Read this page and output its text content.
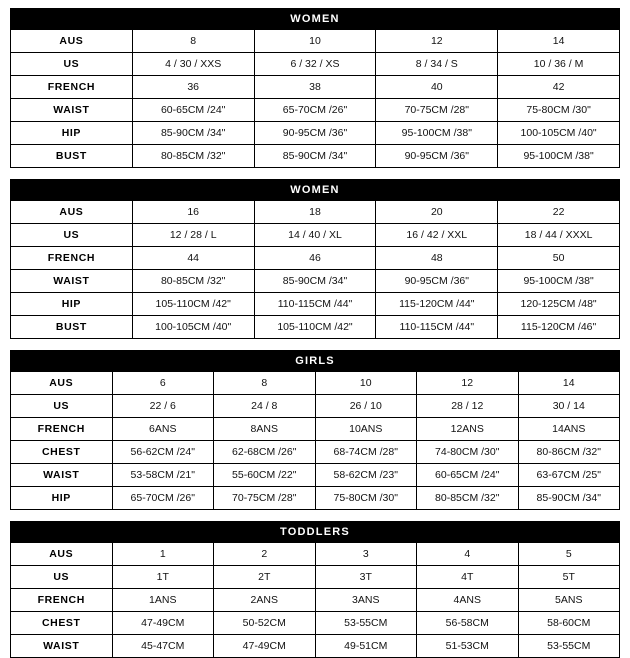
WOMEN				
AUS	8	10	12	14
US	4 / 30 / XXS	6 / 32 / XS	8 / 34 / S	10 / 36 / M
FRENCH	36	38	40	42
WAIST	60-65CM /24"	65-70CM /26"	70-75CM /28"	75-80CM /30"
HIP	85-90CM /34"	90-95CM /36"	95-100CM /38"	100-105CM /40"
BUST	80-85CM /32"	85-90CM /34"	90-95CM /36"	95-100CM /38"
WOMEN				
AUS	16	18	20	22
US	12 / 28 / L	14 / 40 / XL	16 / 42 / XXL	18 / 44 / XXXL
FRENCH	44	46	48	50
WAIST	80-85CM /32"	85-90CM /34"	90-95CM /36"	95-100CM /38"
HIP	105-110CM /42"	110-115CM /44"	115-120CM /44"	120-125CM /48"
BUST	100-105CM /40"	105-110CM /42"	110-115CM /44"	115-120CM /46"
GIRLS					
AUS	6	8	10	12	14
US	22 / 6	24 / 8	26 / 10	28 / 12	30 / 14
FRENCH	6ANS	8ANS	10ANS	12ANS	14ANS
CHEST	56-62CM /24"	62-68CM /26"	68-74CM /28"	74-80CM /30"	80-86CM /32"
WAIST	53-58CM /21"	55-60CM /22"	58-62CM /23"	60-65CM /24"	63-67CM /25"
HIP	65-70CM /26"	70-75CM /28"	75-80CM /30"	80-85CM /32"	85-90CM /34"
TODDLERS					
AUS	1	2	3	4	5
US	1T	2T	3T	4T	5T
FRENCH	1ANS	2ANS	3ANS	4ANS	5ANS
CHEST	47-49CM	50-52CM	53-55CM	56-58CM	58-60CM
WAIST	45-47CM	47-49CM	49-51CM	51-53CM	53-55CM
